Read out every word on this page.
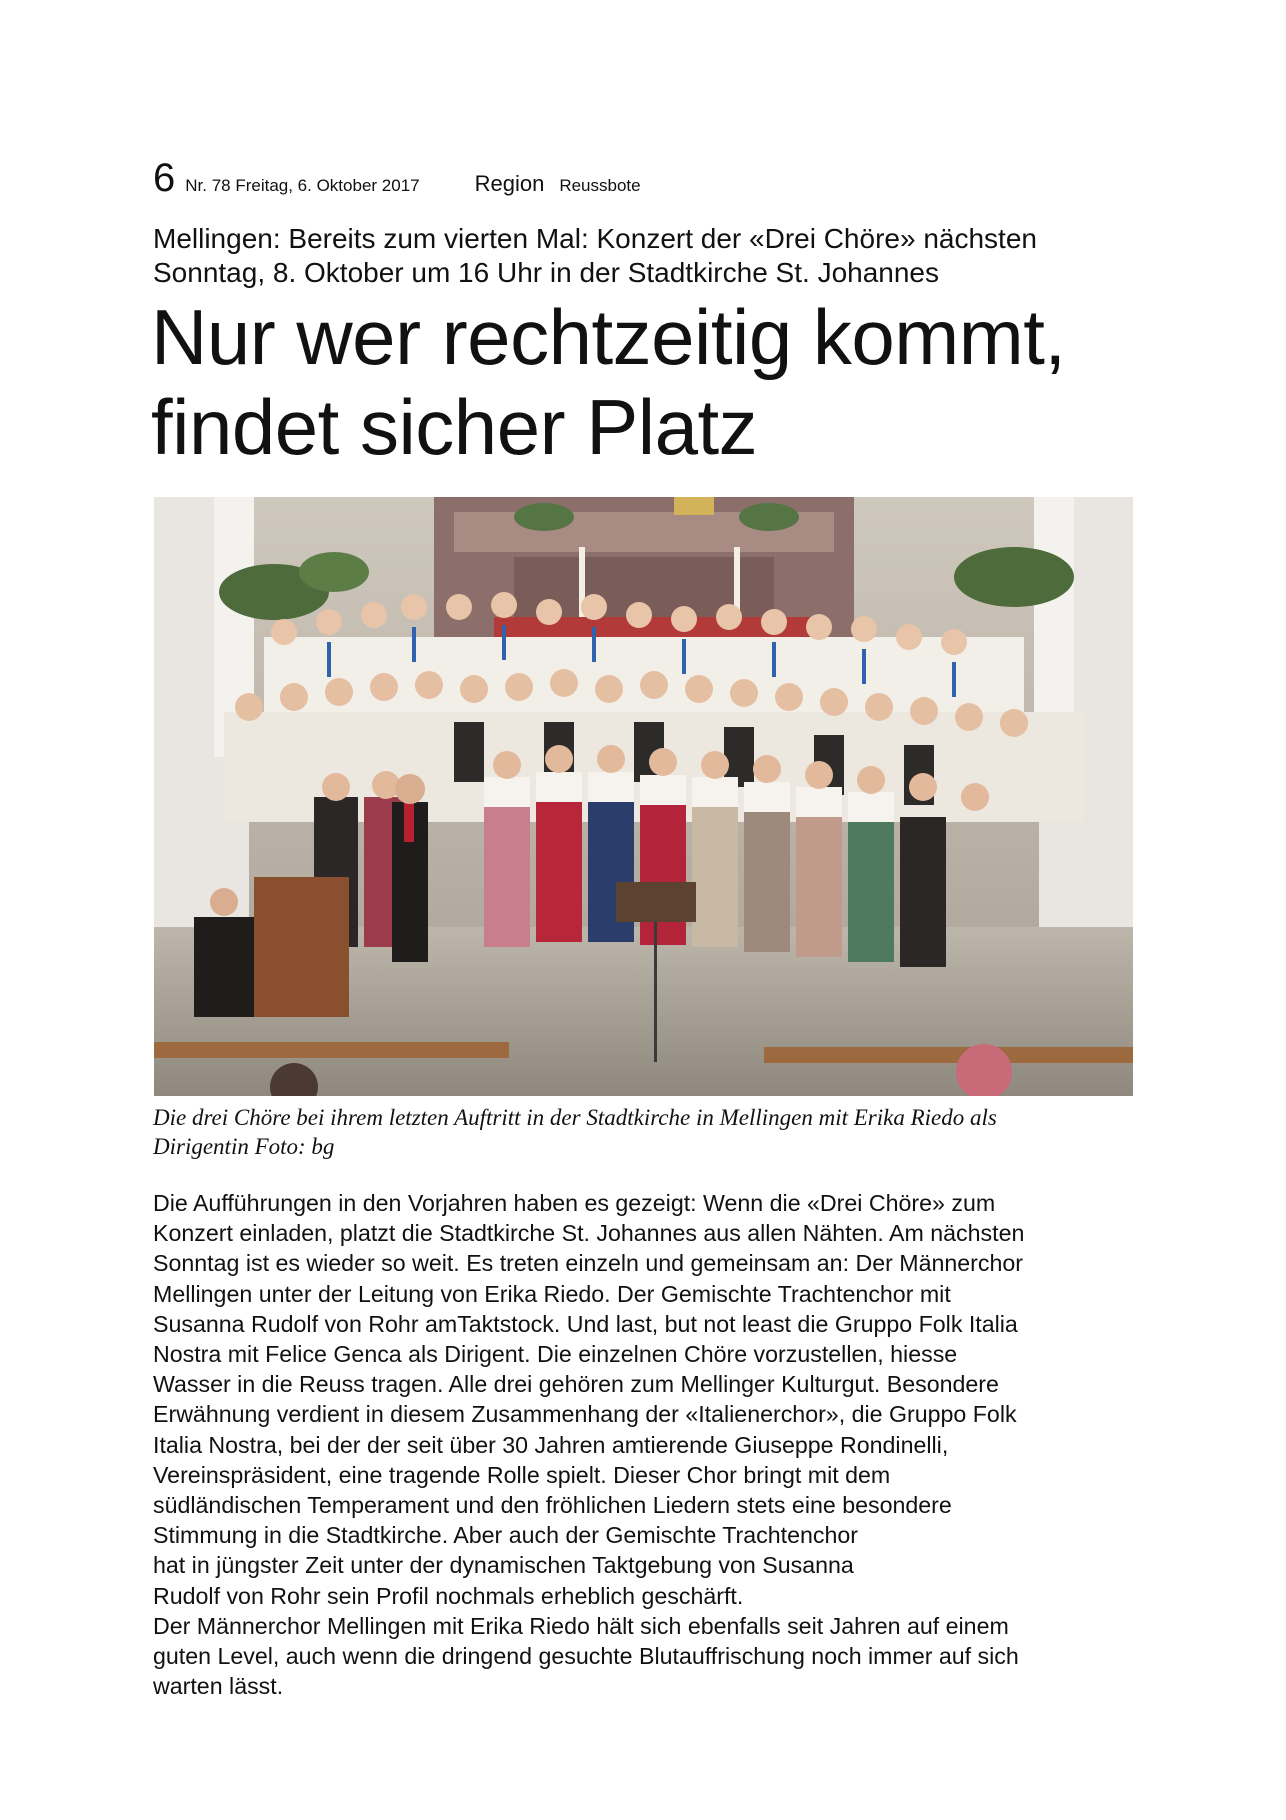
6 Nr. 78 Freitag, 6. Oktober 2017	Region Reussbote
Mellingen: Bereits zum vierten Mal: Konzert der «Drei Chöre» nächsten Sonntag, 8. Oktober um 16 Uhr in der Stadtkirche St. Johannes
Nur wer rechtzeitig kommt,
findet sicher Platz
Die drei Chöre bei ihrem letzten Auftritt in der Stadtkirche in Mellingen mit Erika Riedo als
Dirigentin Foto: bg
Die Aufführungen in den Vorjahren haben es gezeigt: Wenn die «Drei Chöre» zum
Konzert einladen, platzt die Stadtkirche St. Johannes aus allen Nähten. Am nächsten
Sonntag ist es wieder so weit. Es treten einzeln und gemeinsam an: Der Männerchor
Mellingen unter der Leitung von Erika Riedo. Der Gemischte Trachtenchor mit
Susanna Rudolf von Rohr amTaktstock. Und last, but not least die Gruppo Folk Italia
Nostra mit Felice Genca als Dirigent. Die einzelnen Chöre vorzustellen, hiesse
Wasser in die Reuss tragen. Alle drei gehören zum Mellinger Kulturgut. Besondere
Erwähnung verdient in diesem Zusammenhang der «Italienerchor», die Gruppo Folk
Italia Nostra, bei der der seit über 30 Jahren amtierende Giuseppe Rondinelli,
Vereinspräsident, eine tragende Rolle spielt. Dieser Chor bringt mit dem
südländischen Temperament und den fröhlichen Liedern stets eine besondere
Stimmung in die Stadtkirche. Aber auch der Gemischte Trachtenchor
hat in jüngster Zeit unter der dynamischen Taktgebung von Susanna
Rudolf von Rohr sein Profil nochmals erheblich geschärft.
Der Männerchor Mellingen mit Erika Riedo hält sich ebenfalls seit Jahren auf einem
guten Level, auch wenn die dringend gesuchte Blutauffrischung noch immer auf sich
warten lässt.
